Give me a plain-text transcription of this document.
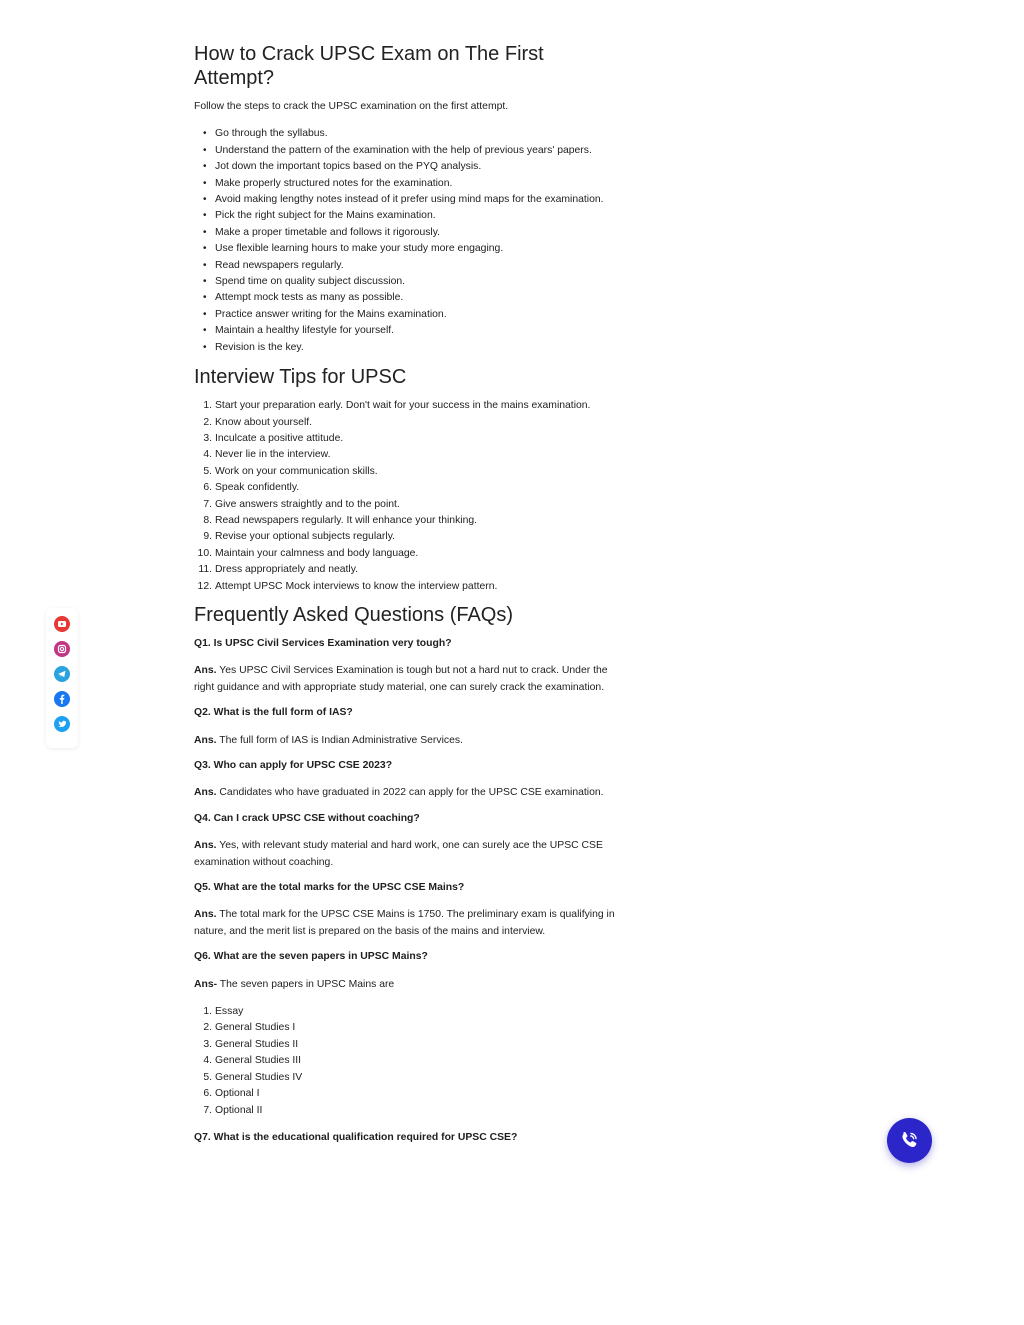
How to Crack UPSC Exam on The First Attempt?

Follow the steps to crack the UPSC examination on the first attempt.

• Go through the syllabus.
• Understand the pattern of the examination with the help of previous years' papers.
• Jot down the important topics based on the PYQ analysis.
• Make properly structured notes for the examination.
• Avoid making lengthy notes instead of it prefer using mind maps for the examination.
• Pick the right subject for the Mains examination.
• Make a proper timetable and follows it rigorously.
• Use flexible learning hours to make your study more engaging.
• Read newspapers regularly.
• Spend time on quality subject discussion.
• Attempt mock tests as many as possible.
• Practice answer writing for the Mains examination.
• Maintain a healthy lifestyle for yourself.
• Revision is the key.
Interview Tips for UPSC
1. Start your preparation early. Don't wait for your success in the mains examination.
2. Know about yourself.
3. Inculcate a positive attitude.
4. Never lie in the interview.
5. Work on your communication skills.
6. Speak confidently.
7. Give answers straightly and to the point.
8. Read newspapers regularly. It will enhance your thinking.
9. Revise your optional subjects regularly.
10. Maintain your calmness and body language.
11. Dress appropriately and neatly.
12. Attempt UPSC Mock interviews to know the interview pattern.
Frequently Asked Questions (FAQs)

Q1. Is UPSC Civil Services Examination very tough?

Ans. Yes UPSC Civil Services Examination is tough but not a hard nut to crack. Under the right guidance and with appropriate study material, one can surely crack the examination.

Q2. What is the full form of IAS?

Ans. The full form of IAS is Indian Administrative Services.

Q3. Who can apply for UPSC CSE 2023?

Ans. Candidates who have graduated in 2022 can apply for the UPSC CSE examination.

Q4. Can I crack UPSC CSE without coaching?

Ans. Yes, with relevant study material and hard work, one can surely ace the UPSC CSE examination without coaching.

Q5. What are the total marks for the UPSC CSE Mains?

Ans. The total mark for the UPSC CSE Mains is 1750. The preliminary exam is qualifying in nature, and the merit list is prepared on the basis of the mains and interview.

Q6. What are the seven papers in UPSC Mains?

Ans- The seven papers in UPSC Mains are

1. Essay
2. General Studies I
3. General Studies II
4. General Studies III
5. General Studies IV
6. Optional I
7. Optional II

Q7. What is the educational qualification required for UPSC CSE?
